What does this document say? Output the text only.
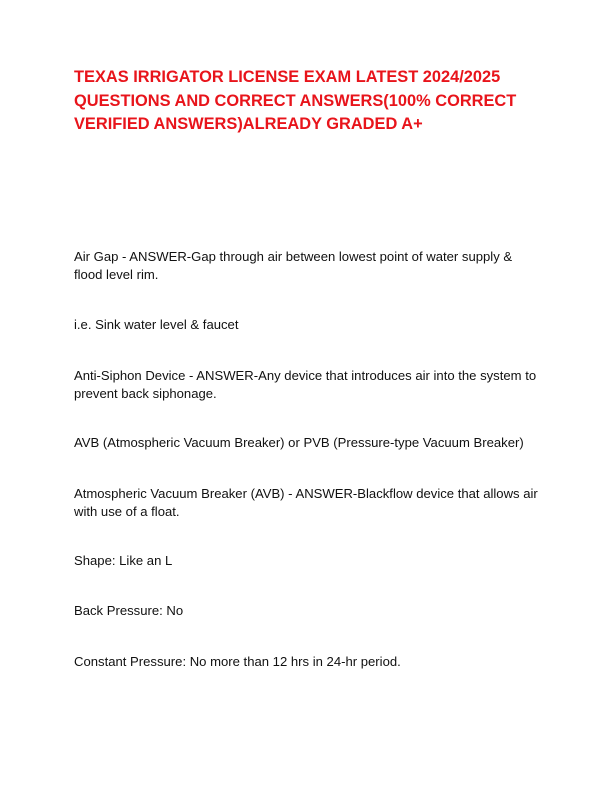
TEXAS IRRIGATOR LICENSE EXAM LATEST 2024/2025
QUESTIONS AND CORRECT ANSWERS(100% CORRECT
VERIFIED ANSWERS)ALREADY GRADED A+

Air Gap - ANSWER-Gap through air between lowest point of water supply &
flood level rim.

i.e. Sink water level & faucet

Anti-Siphon Device - ANSWER-Any device that introduces air into the system to
prevent back siphonage.

AVB (Atmospheric Vacuum Breaker) or PVB (Pressure-type Vacuum Breaker)

Atmospheric Vacuum Breaker (AVB) - ANSWER-Blackflow device that allows air
with use of a float.

Shape: Like an L

Back Pressure: No

Constant Pressure: No more than 12 hrs in 24-hr period.
